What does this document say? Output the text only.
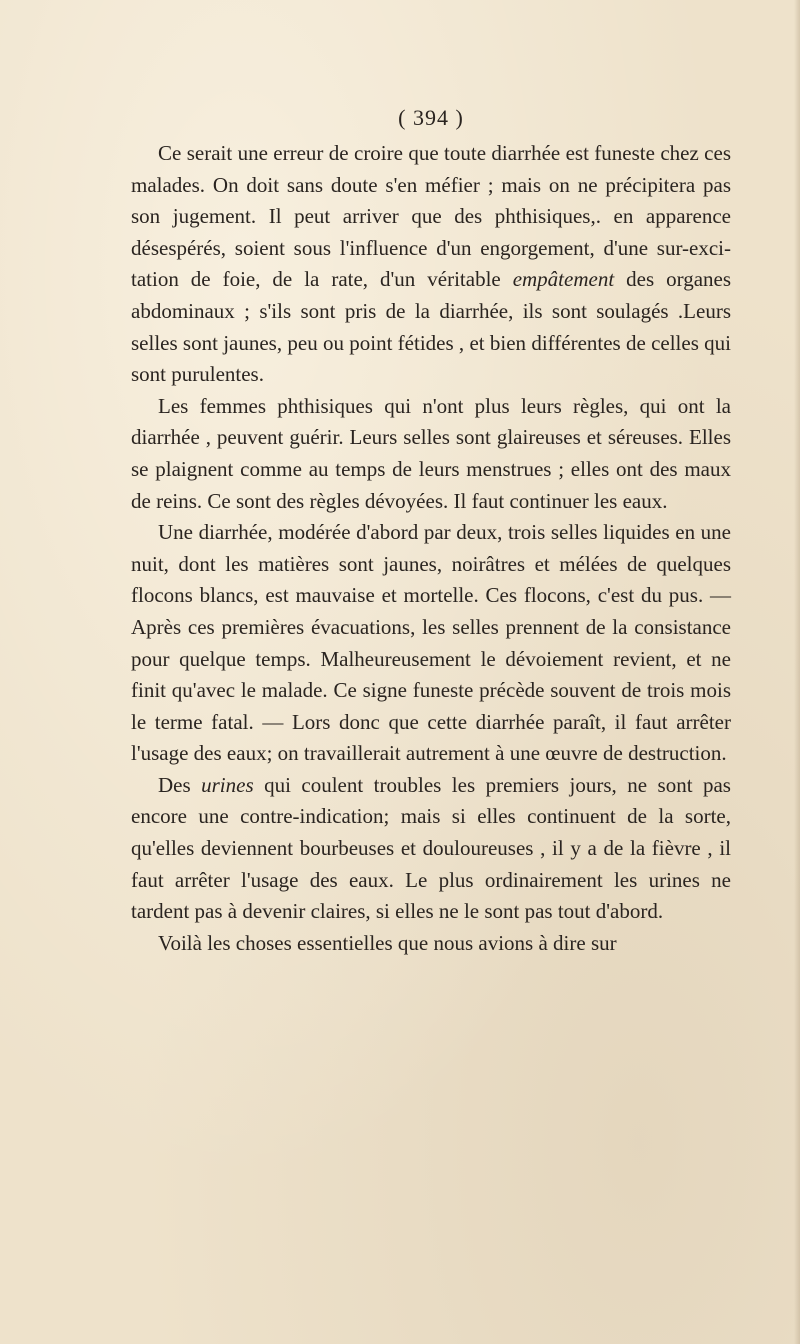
( 394 )

Ce serait une erreur de croire que toute diarrhée est funeste chez ces malades. On doit sans doute s'en méfier ; mais on ne précipitera pas son jugement. Il peut arriver que des phthisiques,. en apparence désespérés, soient sous l'influence d'un engorgement, d'une sur-excitation de foie, de la rate, d'un véritable empâtement des organes abdominaux ; s'ils sont pris de la diarrhée, ils sont soulagés .Leurs selles sont jaunes, peu ou point fétides , et bien différentes de celles qui sont purulentes.

Les femmes phthisiques qui n'ont plus leurs règles, qui ont la diarrhée , peuvent guérir. Leurs selles sont glaireuses et séreuses. Elles se plaignent comme au temps de leurs menstrues ; elles ont des maux de reins. Ce sont des règles dévoyées. Il faut continuer les eaux.

Une diarrhée, modérée d'abord par deux, trois selles liquides en une nuit, dont les matières sont jaunes, noirâtres et mélées de quelques flocons blancs, est mauvaise et mortelle. Ces flocons, c'est du pus. — Après ces premières évacuations, les selles prennent de la consistance pour quelque temps. Malheureusement le dévoiement revient, et ne finit qu'avec le malade. Ce signe funeste précède souvent de trois mois le terme fatal. — Lors donc que cette diarrhée paraît, il faut arrêter l'usage des eaux; on travaillerait autrement à une œuvre de destruction.

Des urines qui coulent troubles les premiers jours, ne sont pas encore une contre-indication; mais si elles continuent de la sorte, qu'elles deviennent bourbeuses et douloureuses , il y a de la fièvre , il faut arrêter l'usage des eaux. Le plus ordinairement les urines ne tardent pas à devenir claires, si elles ne le sont pas tout d'abord.

Voilà les choses essentielles que nous avions à dire sur
